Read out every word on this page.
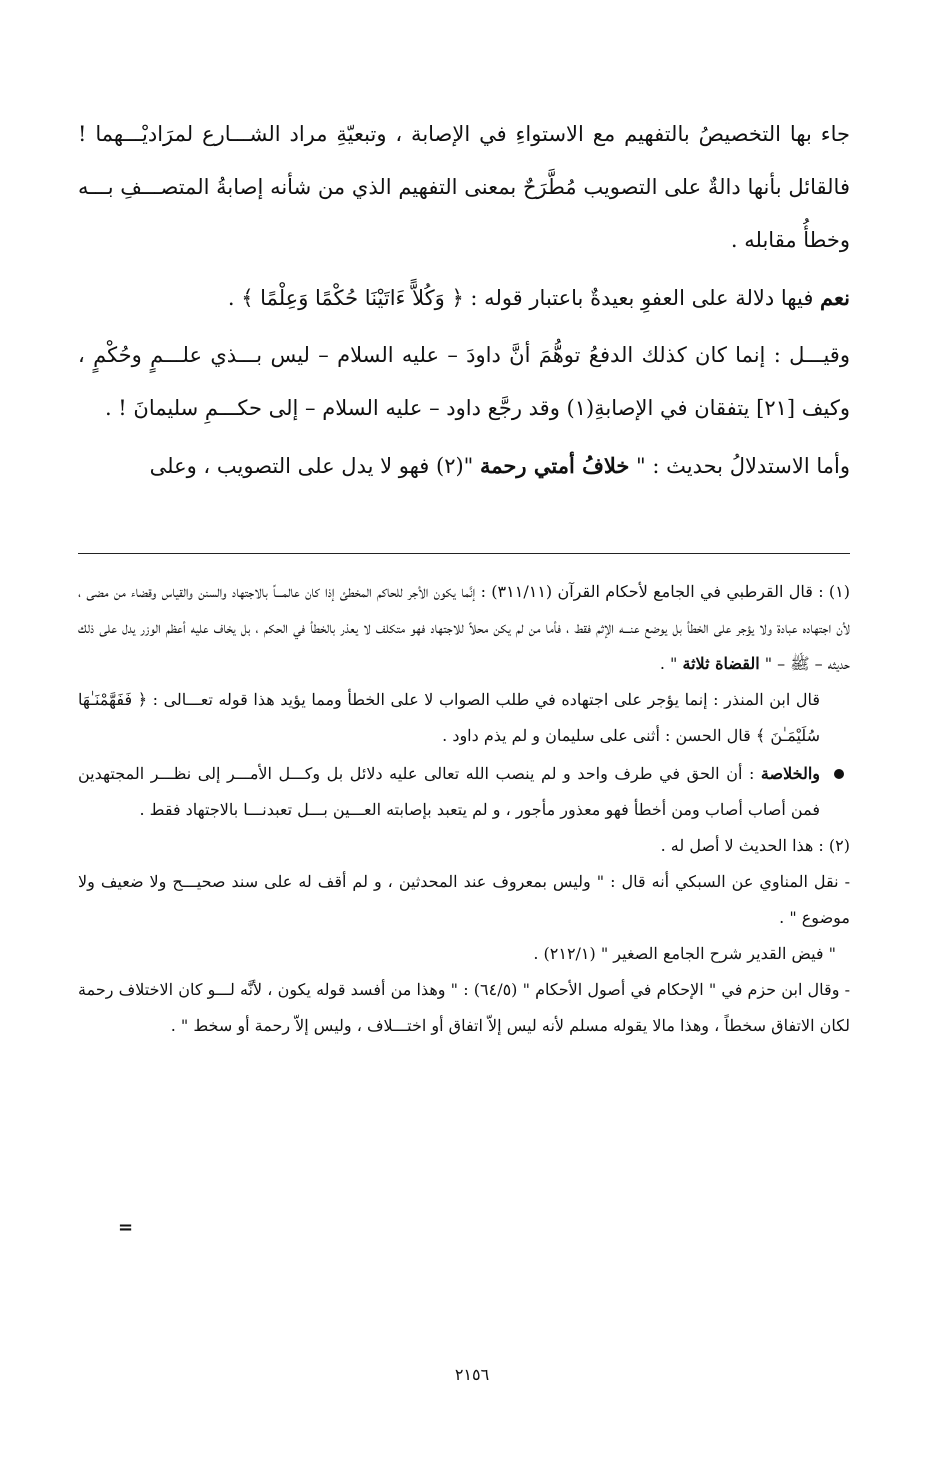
جاء بها التخصيصُ بالتفهيم مع الاستواءِ في الإصابة ، وتبعيّةِ مراد الشـــارع لمرَاديْـــهما ! فالقائل بأنها دالةٌ على التصويب مُطَّرَحٌ بمعنى التفهيم الذي من شأنه إصابةُ المتصـــفِ بـــه وخطأُ مقابله .

نعم فيها دلالة على العفوِ بعيدةٌ باعتبار قوله : ﴿ وَكُلاًّ ءَاتَيْنَا حُكْمًا وَعِلْمًا ﴾ .

وقيـــل : إنما كان كذلك الدفعُ توهُّمَ أنَّ داودَ – عليه السلام – ليس بـــذي علـــمٍ وحُكْمٍ ، وكيف [٢١] يتفقان في الإصابةِ(١) وقد رجَّع داود – عليه السلام – إلى حكـــمِ سليمانَ ! .

وأما الاستدلالُ بحديث : " خلافُ أمتي رحمة "(٢) فهو لا يدل على التصويب ، وعلى

(١) : قال القرطبي في الجامع لأحكام القرآن (٣١١/١١) : إنَّما يكون الأجر للحاكم المخطئ إذا كان عالمـــاً بالاجتهاد والسنن والقياس وقضاء من مضى ، لأن اجتهاده عبادة ولا يؤجر على الخطأ بل يوضع عنـــه الإثم فقط ، فأما من لم يكن محلاً للاجتهاد فهو متكلف لا يعذر بالخطأ في الحكم ، بل يخاف عليه أعظم الوزر يدل على ذلك حديثه – ﷺ – " القضاة ثلاثة " .

قال ابن المنذر : إنما يؤجر على اجتهاده في طلب الصواب لا على الخطأ ومما يؤيد هذا قوله تعـــالى : ﴿ فَفَهَّمْنَـٰهَا سُلَيْمَـٰنَ ﴾ قال الحسن : أثنى على سليمان و لم يذم داود .

والخلاصة : أن الحق في طرف واحد و لم ينصب الله تعالى عليه دلائل بل وكـــل الأمـــر إلى نظـــر المجتهدين فمن أصاب أصاب ومن أخطأ فهو معذور مأجور ، و لم يتعبد بإصابته العـــين بـــل تعبدنـــا بالاجتهاد فقط .

(٢) : هذا الحديث لا أصل له .

- نقل المناوي عن السبكي أنه قال : " وليس بمعروف عند المحدثين ، و لم أقف له على سند صحيـــح ولا ضعيف ولا موضوع " .

" فيض القدير شرح الجامع الصغير " (٢١٢/١) .

- وقال ابن حزم في " الإحكام في أصول الأحكام " (٦٤/٥) : " وهذا من أفسد قوله يكون ، لأنَّه لـــو كان الاختلاف رحمة لكان الاتفاق سخطاً ، وهذا مالا يقوله مسلم لأنه ليس إلاّ اتفاق أو اختـــلاف ، وليس إلاّ رحمة أو سخط " .

=
٢١٥٦
